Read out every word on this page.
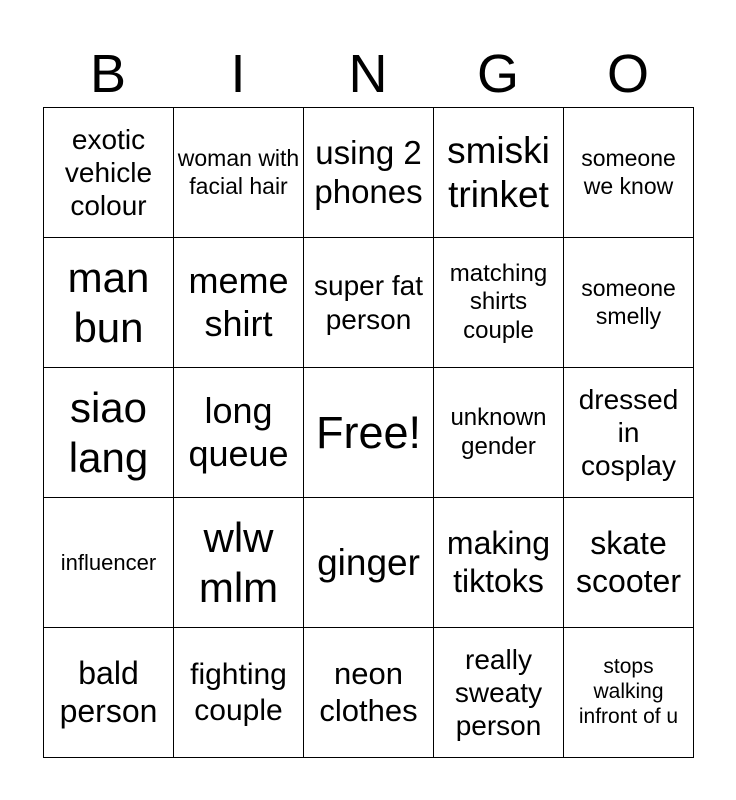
B	I	N	G	O
exotic vehicle colour	woman with facial hair	using 2 phones	smiski trinket	someone we know

man bun	meme shirt	super fat person	matching shirts couple	someone smelly

siao lang	long queue	Free!	unknown gender	dressed in cosplay

influencer	wlw mlm	ginger	making tiktoks	skate scooter

bald person	fighting couple	neon clothes	really sweaty person	stops walking infront of u
